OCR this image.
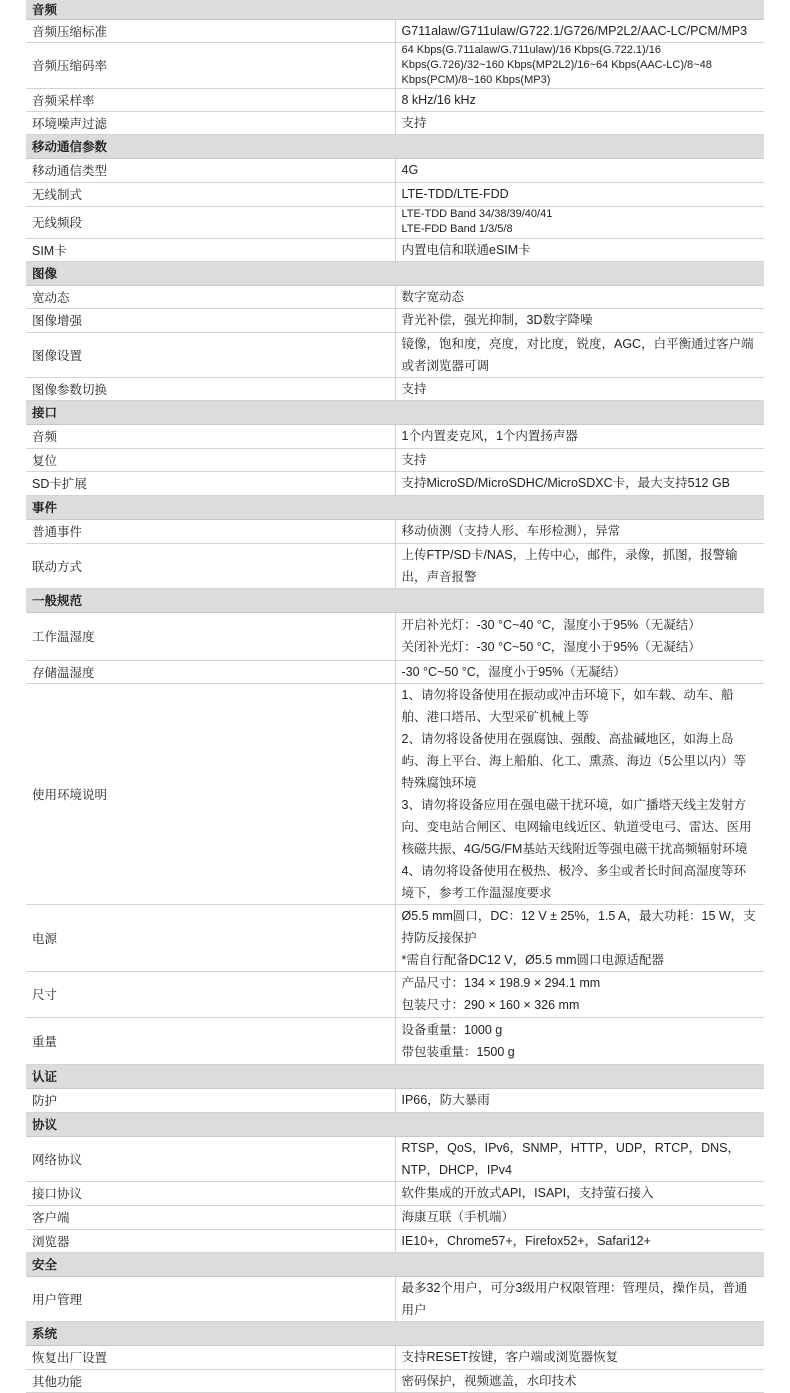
音频	
音频压缩标准	G711alaw/G711ulaw/G722.1/G726/MP2L2/AAC-LC/PCM/MP3

音频压缩码率	64 Kbps(G.711alaw/G.711ulaw)/16 Kbps(G.722.1)/16 Kbps(G.726)/32~160 Kbps(MP2L2)/16~64 Kbps(AAC-LC)/8~48 Kbps(PCM)/8~160 Kbps(MP3)

音频采样率	8 kHz/16 kHz

环境噪声过滤	支持

移动通信参数	
移动通信类型	4G

无线制式	LTE-TDD/LTE-FDD

无线频段	LTE-TDD Band 34/38/39/40/41
LTE-FDD Band 1/3/5/8

SIM卡	内置电信和联通eSIM卡

图像	
宽动态	数字宽动态

图像增强	背光补偿，强光抑制，3D数字降噪

图像设置	镜像，饱和度，亮度，对比度，锐度，AGC，白平衡通过客户端或者浏览器可调

图像参数切换	支持

接口	
音频	1个内置麦克风，1个内置扬声器

复位	支持

SD卡扩展	支持MicroSD/MicroSDHC/MicroSDXC卡，最大支持512 GB

事件	
普通事件	移动侦测（支持人形、车形检测），异常

联动方式	上传FTP/SD卡/NAS，上传中心，邮件，录像，抓图，报警输出，声音报警

一般规范	
工作温湿度	开启补光灯：-30 °C~40 °C，湿度小于95%（无凝结）
关闭补光灯：-30 °C~50 °C，湿度小于95%（无凝结）

存储温湿度	-30 °C~50 °C，湿度小于95%（无凝结）

使用环境说明	1、请勿将设备使用在振动或冲击环境下，如车载、动车、船舶、港口塔吊、大型采矿机械上等
2、请勿将设备使用在强腐蚀、强酸、高盐碱地区，如海上岛屿、海上平台、海上船舶、化工、熏蒸、海边（5公里以内）等特殊腐蚀环境
3、请勿将设备应用在强电磁干扰环境，如广播塔天线主发射方向、变电站合闸区、电网输电线近区、轨道受电弓、雷达、医用核磁共振、4G/5G/FM基站天线附近等强电磁干扰高频辐射环境
4、请勿将设备使用在极热、极冷、多尘或者长时间高湿度等环境下，参考工作温湿度要求

电源	Ø5.5 mm圆口，DC：12 V ± 25%，1.5 A，最大功耗：15 W，支持防反接保护
*需自行配备DC12 V，Ø5.5 mm圆口电源适配器

尺寸	产品尺寸：134 × 198.9 × 294.1 mm
包装尺寸：290 × 160 × 326 mm

重量	设备重量：1000 g
带包装重量：1500 g

认证	
防护	IP66，防大暴雨

协议	
网络协议	RTSP，QoS，IPv6，SNMP，HTTP，UDP，RTCP，DNS，NTP，DHCP，IPv4

接口协议	软件集成的开放式API，ISAPI，支持萤石接入

客户端	海康互联（手机端）

浏览器	IE10+，Chrome57+，Firefox52+，Safari12+

安全	
用户管理	最多32个用户，可分3级用户权限管理：管理员，操作员，普通用户

系统	
恢复出厂设置	支持RESET按键，客户端或浏览器恢复

其他功能	密码保护，视频遮盖，水印技术
